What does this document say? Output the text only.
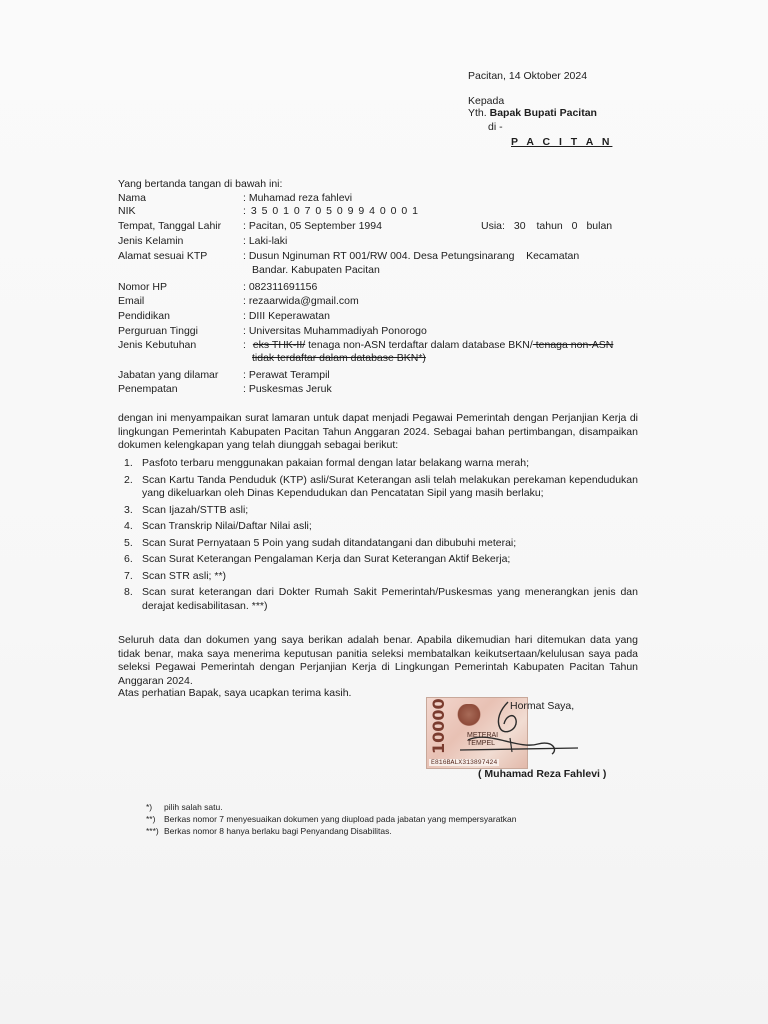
Pacitan, 14 Oktober 2024
Kepada
Yth. Bapak Bupati Pacitan
di -
P A C I T A N
Yang bertanda tangan di bawah ini:
Nama	: Muhamad reza fahlevi
NIK	: 3 5 0 1 0 7 0 5 0 9 9 4 0 0 0 1
Tempat, Tanggal Lahir : Pacitan, 05 September 1994	Usia: 30 tahun 0 bulan
Jenis Kelamin	: Laki-laki
Alamat sesuai KTP	: Dusun Nginuman RT 001/RW 004. Desa Petungsinarang    Kecamatan
Bandar. Kabupaten Pacitan
Nomor HP	: 082311691156
Email	: rezaarwida@gmail.com
Pendidikan	: DIII Keperawatan
Perguruan Tinggi	: Universitas Muhammadiyah Ponorogo
Jenis Kebutuhan	: eks THK-II/ tenaga non-ASN terdaftar dalam database BKN/ tenaga non-ASN
tidak terdaftar dalam database BKN*)
Jabatan yang dilamar : Perawat Terampil
Penempatan	: Puskesmas Jeruk
dengan ini menyampaikan surat lamaran untuk dapat menjadi Pegawai Pemerintah dengan Perjanjian Kerja di lingkungan Pemerintah Kabupaten Pacitan Tahun Anggaran 2024. Sebagai bahan pertimbangan, disampaikan dokumen kelengkapan yang telah diunggah sebagai berikut:
1. Pasfoto terbaru menggunakan pakaian formal dengan latar belakang warna merah;
2. Scan Kartu Tanda Penduduk (KTP) asli/Surat Keterangan asli telah melakukan perekaman kependudukan yang dikeluarkan oleh Dinas Kependudukan dan Pencatatan Sipil yang masih berlaku;
3. Scan Ijazah/STTB asli;
4. Scan Transkrip Nilai/Daftar Nilai asli;
5. Scan Surat Pernyataan 5 Poin yang sudah ditandatangani dan dibubuhi meterai;
6. Scan Surat Keterangan Pengalaman Kerja dan Surat Keterangan Aktif Bekerja;
7. Scan STR asli; **)
8. Scan surat keterangan dari Dokter Rumah Sakit Pemerintah/Puskesmas yang menerangkan jenis dan derajat kedisabilitasan. ***)
Seluruh data dan dokumen yang saya berikan adalah benar. Apabila dikemudian hari ditemukan data yang tidak benar, maka saya menerima keputusan panitia seleksi membatalkan keikutsertaan/kelulusan saya pada seleksi Pegawai Pemerintah dengan Perjanjian Kerja di Lingkungan Pemerintah Kabupaten Pacitan Tahun Anggaran 2024.
Atas perhatian Bapak, saya ucapkan terima kasih.
10000	METERAI
TEMPEL
E816BALX313897424
Hormat Saya,
( Muhamad Reza Fahlevi )
*) pilih salah satu.
**) Berkas nomor 7 menyesuaikan dokumen yang diupload pada jabatan yang mempersyaratkan
***) Berkas nomor 8 hanya berlaku bagi Penyandang Disabilitas.
